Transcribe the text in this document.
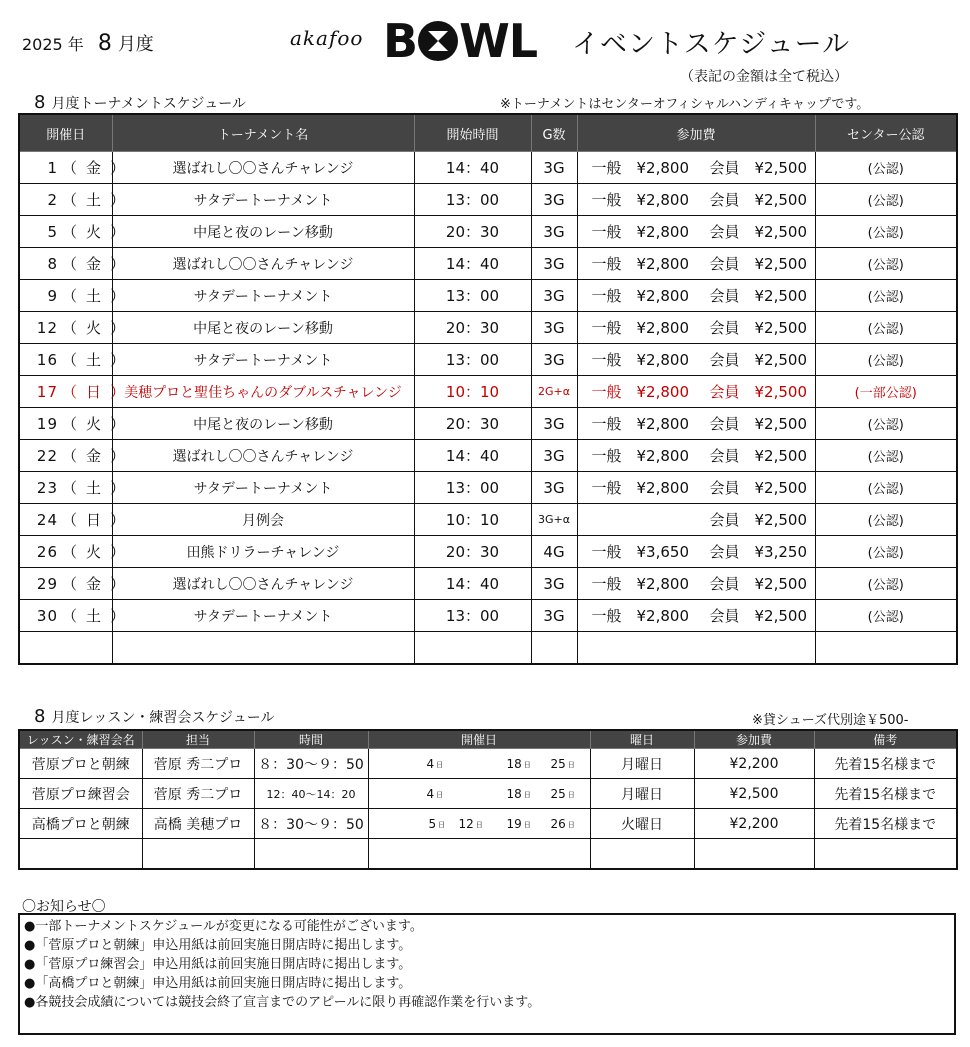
2025 年 8 月度	akafoo B WL イベントスケジュール
（表記の金額は全て税込）
8 月度トーナメントスケジュール	※トーナメントはセンターオフィシャルハンディキャップです。
開催日	トーナメント名	開始時間	G数	参加費	センター公認
1 （ 金 ）	選ばれし〇〇さんチャレンジ	14：40	3G	一般　¥2,800 会員　¥2,500	(公認)
2 （ 土 ）	サタデートーナメント	13：00	3G	一般　¥2,800 会員　¥2,500	(公認)
5 （ 火 ）	中尾と夜のレーン移動	20：30	3G	一般　¥2,800 会員　¥2,500	(公認)
8 （ 金 ）	選ばれし〇〇さんチャレンジ	14：40	3G	一般　¥2,800 会員　¥2,500	(公認)
9 （ 土 ）	サタデートーナメント	13：00	3G	一般　¥2,800 会員　¥2,500	(公認)
12 （ 火 ）	中尾と夜のレーン移動	20：30	3G	一般　¥2,800 会員　¥2,500	(公認)
16 （ 土 ）	サタデートーナメント	13：00	3G	一般　¥2,800 会員　¥2,500	(公認)
17 （ 日 ）	美穂プロと聖佳ちゃんのダブルスチャレンジ	10：10	2G+α	一般　¥2,800 会員　¥2,500	(一部公認)
19 （ 火 ）	中尾と夜のレーン移動	20：30	3G	一般　¥2,800 会員　¥2,500	(公認)
22 （ 金 ）	選ばれし〇〇さんチャレンジ	14：40	3G	一般　¥2,800 会員　¥2,500	(公認)
23 （ 土 ）	サタデートーナメント	13：00	3G	一般　¥2,800 会員　¥2,500	(公認)
24 （ 日 ）	月例会	10：10	3G+α	会員　¥2,500	(公認)
26 （ 火 ）	田熊ドリラーチャレンジ	20：30	4G	一般　¥3,650 会員　¥3,250	(公認)
29 （ 金 ）	選ばれし〇〇さんチャレンジ	14：40	3G	一般　¥2,800 会員　¥2,500	(公認)
30 （ 土 ）	サタデートーナメント	13：00	3G	一般　¥2,800 会員　¥2,500	(公認)

8 月度レッスン・練習会スケジュール	※貸シューズ代別途￥500-
レッスン・練習会名	担当	時間	開催日	曜日	参加費	備考
菅原プロと朝練	菅原 秀二プロ	８：30～９：50	4 日 18 日 25 日	月曜日	¥2,200	先着15名様まで
菅原プロ練習会	菅原 秀二プロ	12：40～14：20	4 日 18 日 25 日	月曜日	¥2,500	先着15名様まで
高橋プロと朝練	高橋 美穂プロ	８：30～９：50	5 日 12 日 19 日 26 日	火曜日	¥2,200	先着15名様まで

〇お知らせ〇
●一部トーナメントスケジュールが変更になる可能性がございます。
●「菅原プロと朝練」申込用紙は前回実施日開店時に掲出します。
●「菅原プロ練習会」申込用紙は前回実施日開店時に掲出します。
●「高橋プロと朝練」申込用紙は前回実施日開店時に掲出します。
●各競技会成績については競技会終了宣言までのアピールに限り再確認作業を行います。
